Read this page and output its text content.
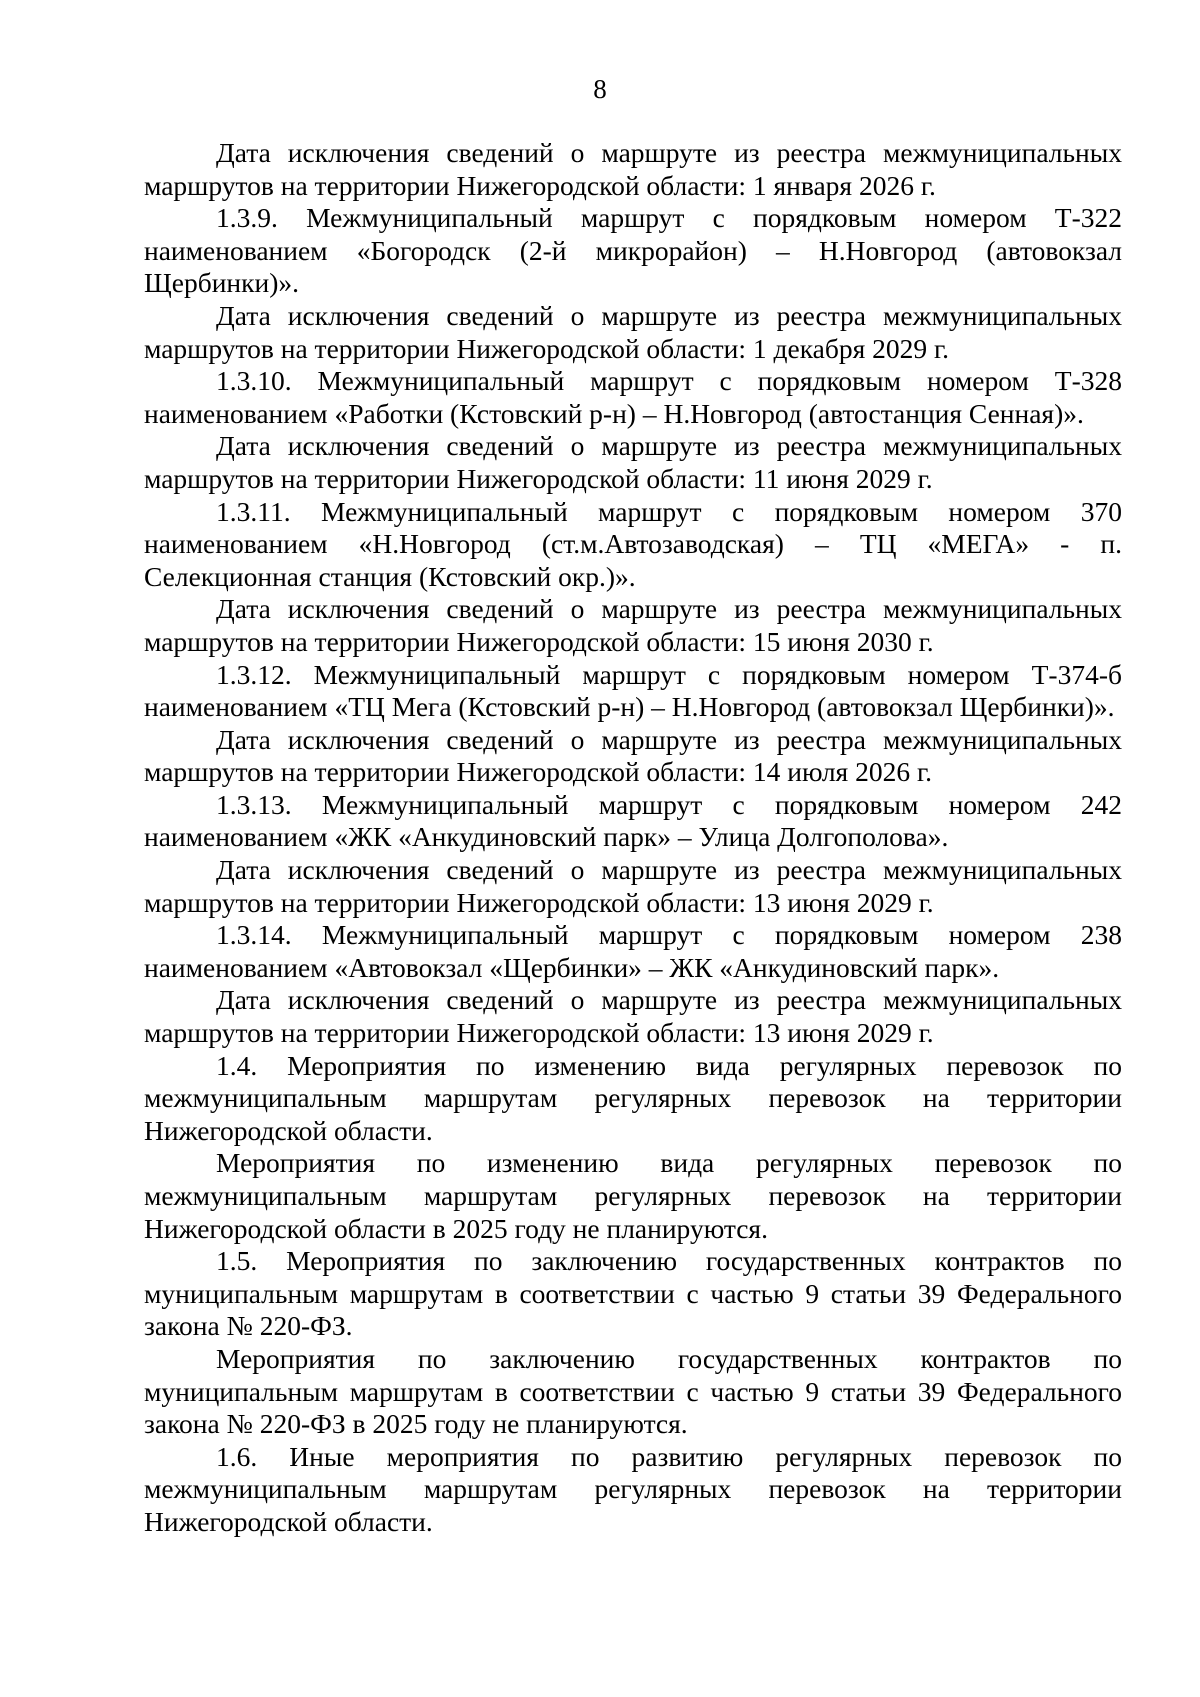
8

Дата исключения сведений о маршруте из реестра межмуниципальных маршрутов на территории Нижегородской области: 1 января 2026 г.

1.3.9. Межмуниципальный маршрут с порядковым номером Т-322 наименованием «Богородск (2-й микрорайон) – Н.Новгород (автовокзал Щербинки)».

Дата исключения сведений о маршруте из реестра межмуниципальных маршрутов на территории Нижегородской области: 1 декабря 2029 г.

1.3.10. Межмуниципальный маршрут с порядковым номером Т-328 наименованием «Работки (Кстовский р-н) – Н.Новгород (автостанция Сенная)».

Дата исключения сведений о маршруте из реестра межмуниципальных маршрутов на территории Нижегородской области: 11 июня 2029 г.

1.3.11. Межмуниципальный маршрут с порядковым номером 370 наименованием «Н.Новгород (ст.м.Автозаводская) – ТЦ «МЕГА» - п. Селекционная станция (Кстовский окр.)».

Дата исключения сведений о маршруте из реестра межмуниципальных маршрутов на территории Нижегородской области: 15 июня 2030 г.

1.3.12. Межмуниципальный маршрут с порядковым номером Т-374-б наименованием «ТЦ Мега (Кстовский р-н) – Н.Новгород (автовокзал Щербинки)».

Дата исключения сведений о маршруте из реестра межмуниципальных маршрутов на территории Нижегородской области: 14 июля 2026 г.

1.3.13. Межмуниципальный маршрут с порядковым номером 242 наименованием «ЖК «Анкудиновский парк» – Улица Долгополова».

Дата исключения сведений о маршруте из реестра межмуниципальных маршрутов на территории Нижегородской области: 13 июня 2029 г.

1.3.14. Межмуниципальный маршрут с порядковым номером 238 наименованием «Автовокзал «Щербинки» – ЖК «Анкудиновский парк».

Дата исключения сведений о маршруте из реестра межмуниципальных маршрутов на территории Нижегородской области: 13 июня 2029 г.

1.4. Мероприятия по изменению вида регулярных перевозок по межмуниципальным маршрутам регулярных перевозок на территории Нижегородской области.

Мероприятия по изменению вида регулярных перевозок по межмуниципальным маршрутам регулярных перевозок на территории Нижегородской области в 2025 году не планируются.

1.5. Мероприятия по заключению государственных контрактов по муниципальным маршрутам в соответствии с частью 9 статьи 39 Федерального закона № 220-ФЗ.

Мероприятия по заключению государственных контрактов по муниципальным маршрутам в соответствии с частью 9 статьи 39 Федерального закона № 220-ФЗ в 2025 году не планируются.

1.6. Иные мероприятия по развитию регулярных перевозок по межмуниципальным маршрутам регулярных перевозок на территории Нижегородской области.
